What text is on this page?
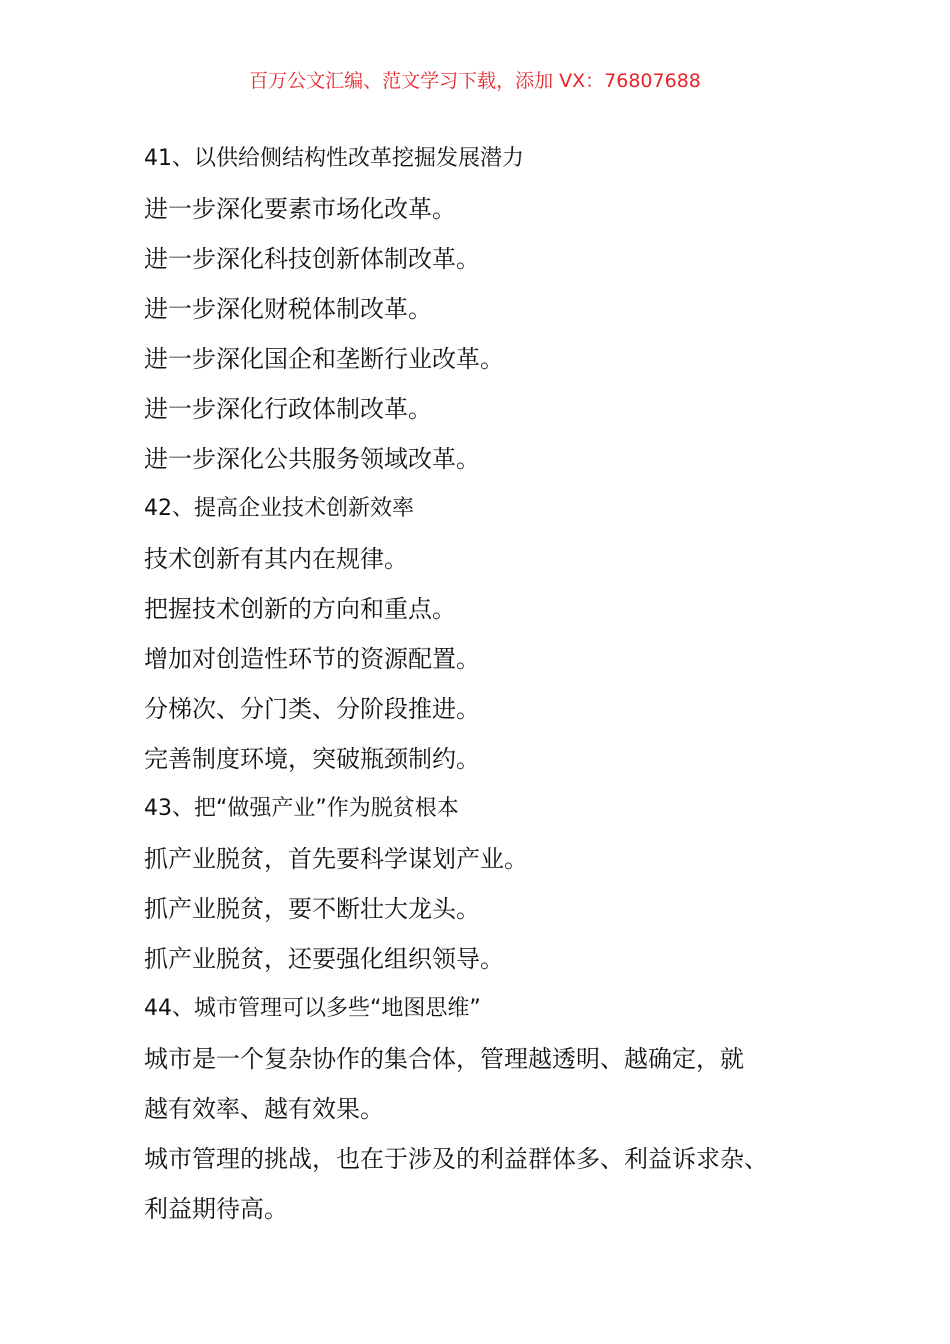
百万公文汇编、范文学习下载，添加 VX：76807688
41、以供给侧结构性改革挖掘发展潜力
进一步深化要素市场化改革。
进一步深化科技创新体制改革。
进一步深化财税体制改革。
进一步深化国企和垄断行业改革。
进一步深化行政体制改革。
进一步深化公共服务领域改革。
42、提高企业技术创新效率
技术创新有其内在规律。
把握技术创新的方向和重点。
增加对创造性环节的资源配置。
分梯次、分门类、分阶段推进。
完善制度环境，突破瓶颈制约。
43、把“做强产业”作为脱贫根本
抓产业脱贫，首先要科学谋划产业。
抓产业脱贫，要不断壮大龙头。
抓产业脱贫，还要强化组织领导。
44、城市管理可以多些“地图思维”
城市是一个复杂协作的集合体，管理越透明、越确定，就
越有效率、越有效果。
城市管理的挑战，也在于涉及的利益群体多、利益诉求杂、
利益期待高。
